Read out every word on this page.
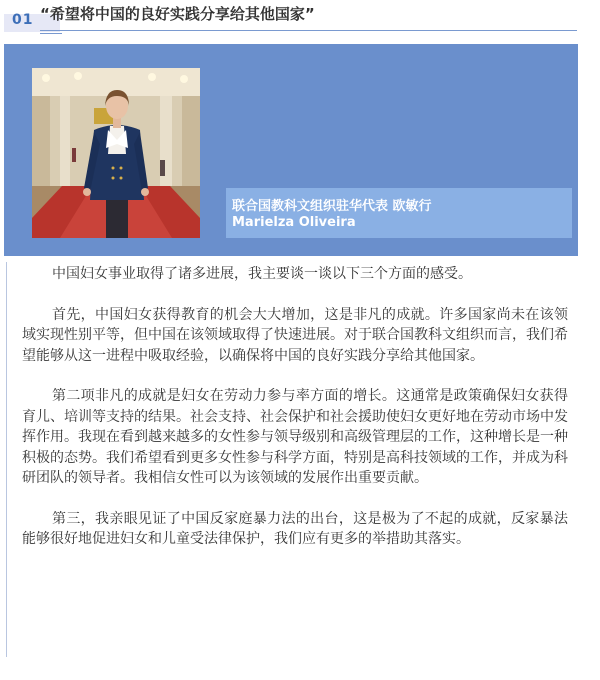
01 “希望将中国的良好实践分享给其他国家”
联合国教科文组织驻华代表 欧敏行
Marielza Oliveira

中国妇女事业取得了诸多进展，我主要谈一谈以下三个方面的感受。

首先，中国妇女获得教育的机会大大增加，这是非凡的成就。许多国家尚未在该领域实现性别平等，但中国在该领域取得了快速进展。对于联合国教科文组织而言，我们希望能够从这一进程中吸取经验，以确保将中国的良好实践分享给其他国家。

第二项非凡的成就是妇女在劳动力参与率方面的增长。这通常是政策确保妇女获得育儿、培训等支持的结果。社会支持、社会保护和社会援助使妇女更好地在劳动市场中发挥作用。我现在看到越来越多的女性参与领导级别和高级管理层的工作，这种增长是一种积极的态势。我们希望看到更多女性参与科学方面，特别是高科技领域的工作，并成为科研团队的领导者。我相信女性可以为该领域的发展作出重要贡献。

第三，我亲眼见证了中国反家庭暴力法的出台，这是极为了不起的成就，反家暴法能够很好地促进妇女和儿童受法律保护，我们应有更多的举措助其落实。
